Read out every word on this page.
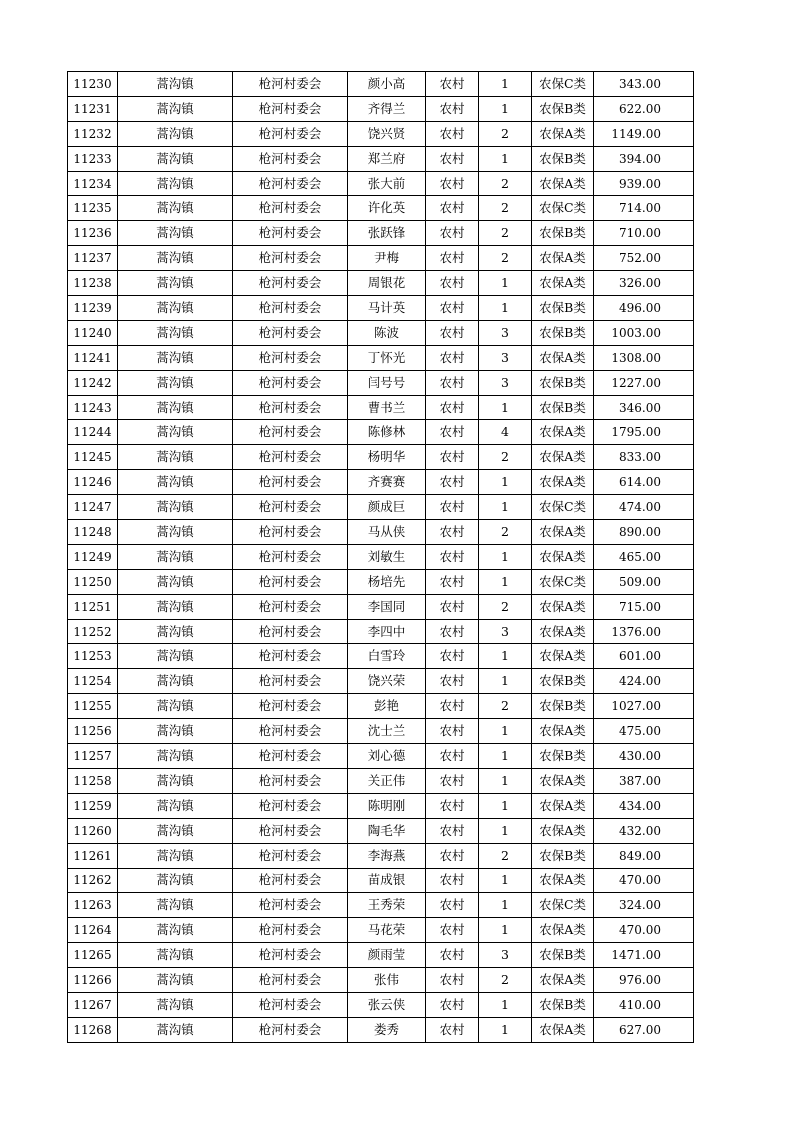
11230	蒿沟镇	枪河村委会	颜小高	农村	1	农保C类	343.00
11231	蒿沟镇	枪河村委会	齐得兰	农村	1	农保B类	622.00
11232	蒿沟镇	枪河村委会	饶兴贤	农村	2	农保A类	1149.00
11233	蒿沟镇	枪河村委会	郑兰府	农村	1	农保B类	394.00
11234	蒿沟镇	枪河村委会	张大前	农村	2	农保A类	939.00
11235	蒿沟镇	枪河村委会	许化英	农村	2	农保C类	714.00
11236	蒿沟镇	枪河村委会	张跃锋	农村	2	农保B类	710.00
11237	蒿沟镇	枪河村委会	尹梅	农村	2	农保A类	752.00
11238	蒿沟镇	枪河村委会	周银花	农村	1	农保A类	326.00
11239	蒿沟镇	枪河村委会	马计英	农村	1	农保B类	496.00
11240	蒿沟镇	枪河村委会	陈波	农村	3	农保B类	1003.00
11241	蒿沟镇	枪河村委会	丁怀光	农村	3	农保A类	1308.00
11242	蒿沟镇	枪河村委会	闫号号	农村	3	农保B类	1227.00
11243	蒿沟镇	枪河村委会	曹书兰	农村	1	农保B类	346.00
11244	蒿沟镇	枪河村委会	陈修林	农村	4	农保A类	1795.00
11245	蒿沟镇	枪河村委会	杨明华	农村	2	农保A类	833.00
11246	蒿沟镇	枪河村委会	齐赛赛	农村	1	农保A类	614.00
11247	蒿沟镇	枪河村委会	颜成巨	农村	1	农保C类	474.00
11248	蒿沟镇	枪河村委会	马从侠	农村	2	农保A类	890.00
11249	蒿沟镇	枪河村委会	刘敏生	农村	1	农保A类	465.00
11250	蒿沟镇	枪河村委会	杨培先	农村	1	农保C类	509.00
11251	蒿沟镇	枪河村委会	李国同	农村	2	农保A类	715.00
11252	蒿沟镇	枪河村委会	李四中	农村	3	农保A类	1376.00
11253	蒿沟镇	枪河村委会	白雪玲	农村	1	农保A类	601.00
11254	蒿沟镇	枪河村委会	饶兴荣	农村	1	农保B类	424.00
11255	蒿沟镇	枪河村委会	彭艳	农村	2	农保B类	1027.00
11256	蒿沟镇	枪河村委会	沈士兰	农村	1	农保A类	475.00
11257	蒿沟镇	枪河村委会	刘心德	农村	1	农保B类	430.00
11258	蒿沟镇	枪河村委会	关正伟	农村	1	农保A类	387.00
11259	蒿沟镇	枪河村委会	陈明刚	农村	1	农保A类	434.00
11260	蒿沟镇	枪河村委会	陶毛华	农村	1	农保A类	432.00
11261	蒿沟镇	枪河村委会	李海燕	农村	2	农保B类	849.00
11262	蒿沟镇	枪河村委会	苗成银	农村	1	农保A类	470.00
11263	蒿沟镇	枪河村委会	王秀荣	农村	1	农保C类	324.00
11264	蒿沟镇	枪河村委会	马花荣	农村	1	农保A类	470.00
11265	蒿沟镇	枪河村委会	颜雨莹	农村	3	农保B类	1471.00
11266	蒿沟镇	枪河村委会	张伟	农村	2	农保A类	976.00
11267	蒿沟镇	枪河村委会	张云侠	农村	1	农保B类	410.00
11268	蒿沟镇	枪河村委会	娄秀	农村	1	农保A类	627.00
